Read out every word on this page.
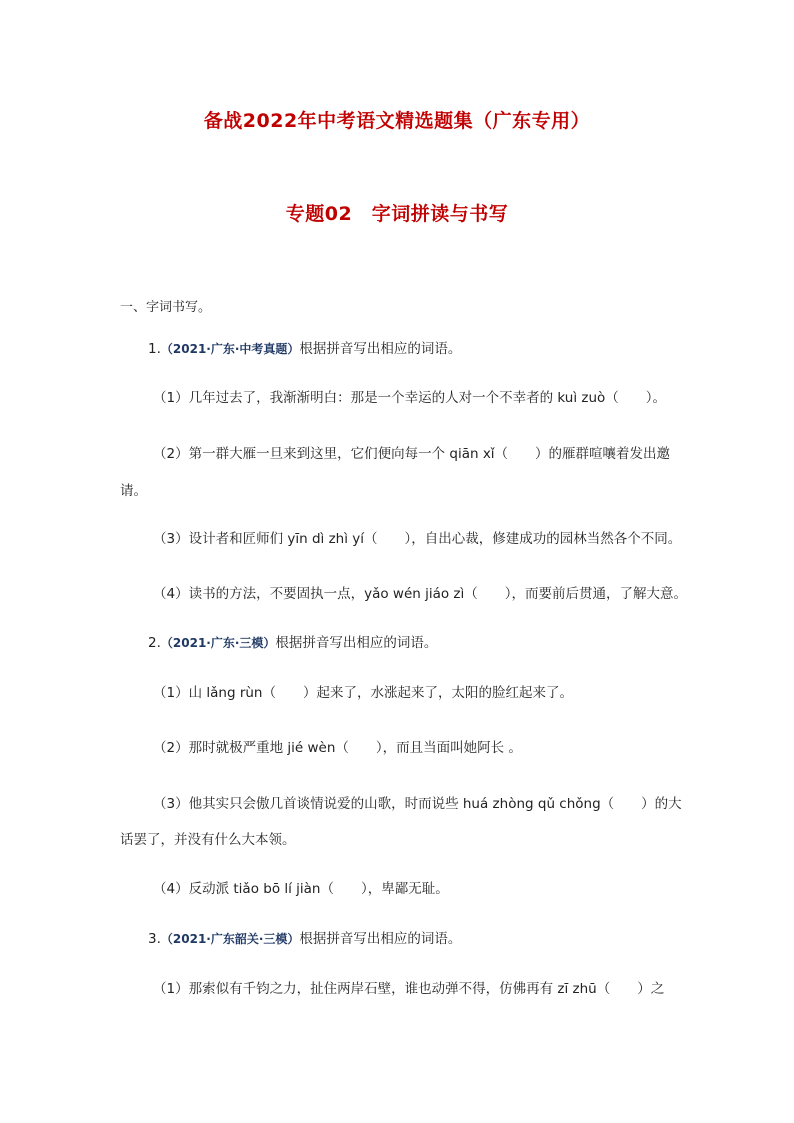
备战2022年中考语文精选题集（广东专用）
专题02　字词拼读与书写
一、字词书写。
1.（2021·广东·中考真题）根据拼音写出相应的词语。
（1）几年过去了，我渐渐明白：那是一个幸运的人对一个不幸者的 kuì zuò（　　）。
（2）第一群大雁一旦来到这里，它们便向每一个 qiān xǐ（　　）的雁群喧嚷着发出邀
请。
（3）设计者和匠师们 yīn dì zhì yí（　　），自出心裁，修建成功的园林当然各个不同。
（4）读书的方法，不要固执一点，yǎo wén jiáo zì（　　），而要前后贯通，了解大意。
2.（2021·广东·三模）根据拼音写出相应的词语。
（1）山 lǎng rùn（　　）起来了，水涨起来了，太阳的脸红起来了。
（2）那时就极严重地 jié wèn（　　），而且当面叫她阿长 。
（3）他其实只会傲几首谈情说爱的山歌，时而说些 huá zhòng qǔ chǒng（　　）的大
话罢了，并没有什么大本领。
（4）反动派 tiǎo bō lí jiàn（　　），卑鄙无耻。
3.（2021·广东韶关·三模）根据拼音写出相应的词语。
（1）那索似有千钧之力，扯住两岸石壁，谁也动弹不得，仿佛再有 zī zhū（　　）之
